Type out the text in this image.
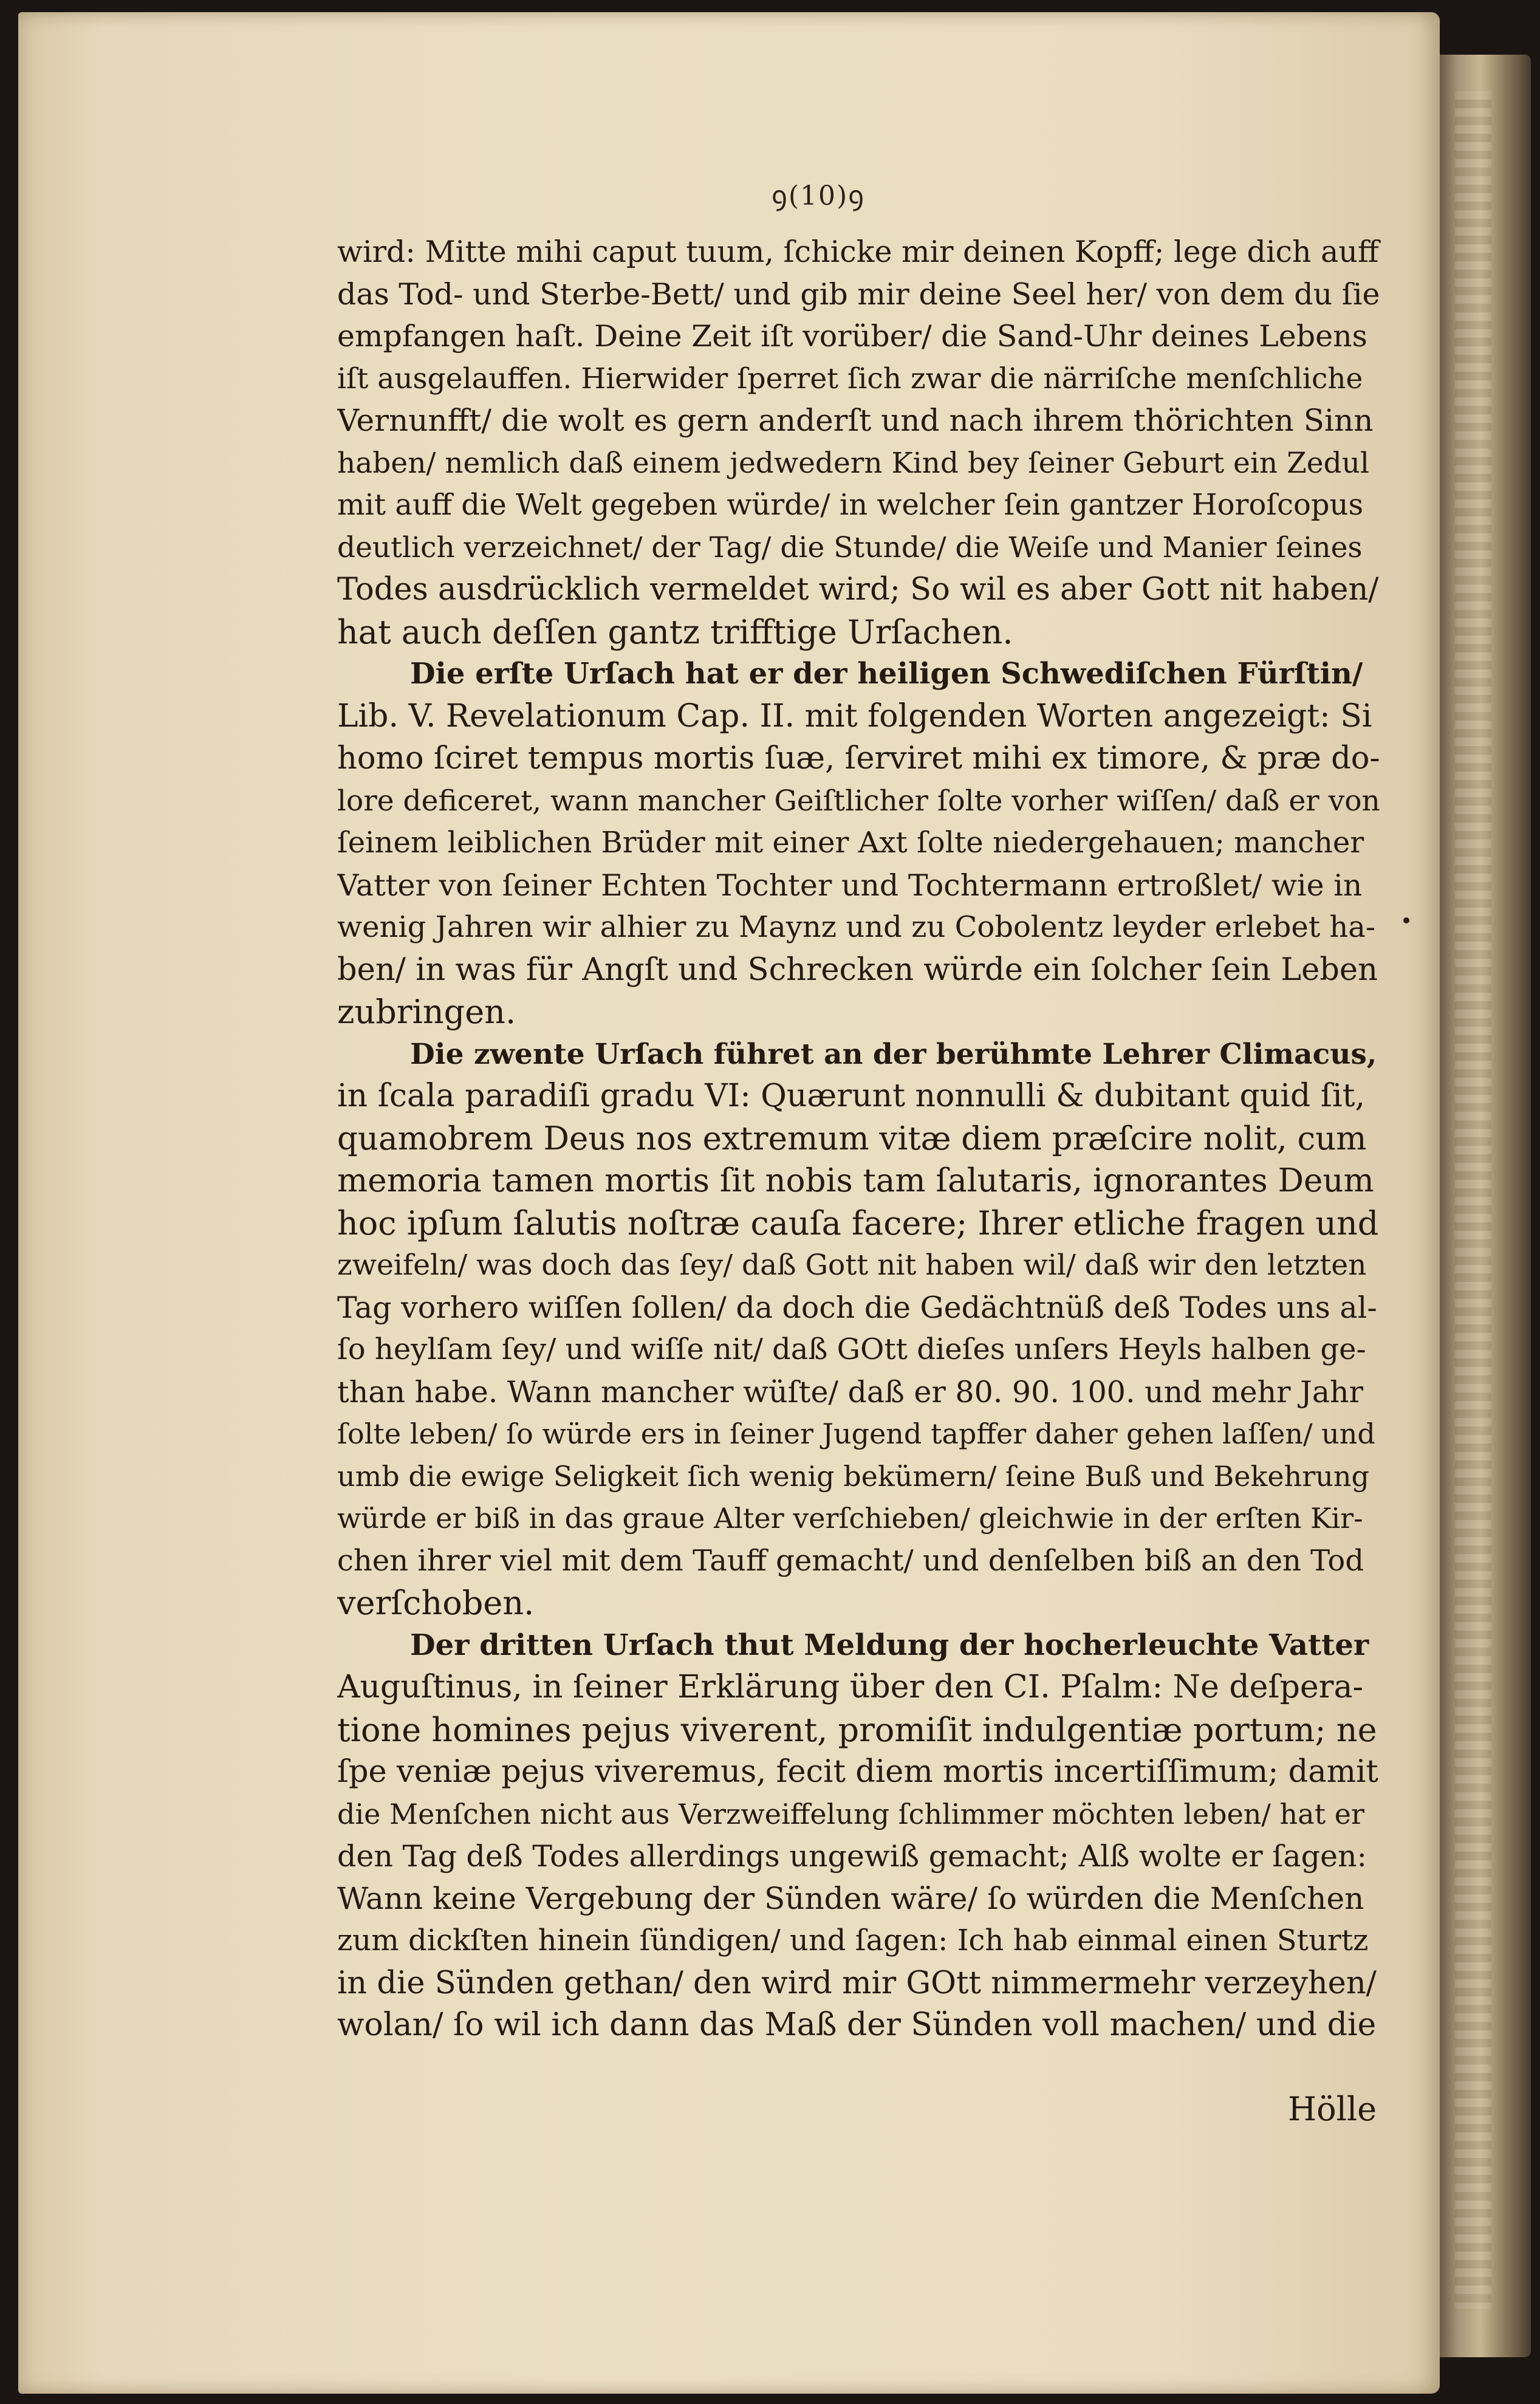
ꝯ(10)ꝯ
wird: Mitte mihi caput tuum, ſchicke mir deinen Kopff; lege dich auff
das Tod- und Sterbe-Bett/ und gib mir deine Seel her/ von dem du ſie
empfangen haſt. Deine Zeit iſt vorüber/ die Sand-Uhr deines Lebens
iſt ausgelauffen. Hierwider ſperret ſich zwar die närriſche menſchliche
Vernunfft/ die wolt es gern anderſt und nach ihrem thörichten Sinn
haben/ nemlich daß einem jedwedern Kind bey ſeiner Geburt ein Zedul
mit auff die Welt gegeben würde/ in welcher ſein gantzer Horoſcopus
deutlich verzeichnet/ der Tag/ die Stunde/ die Weiſe und Manier ſeines
Todes ausdrücklich vermeldet wird; So wil es aber Gott nit haben/
hat auch deſſen gantz trifftige Urſachen.
Die erſte Urſach hat er der heiligen Schwediſchen Fürſtin/
Lib. V. Revelationum Cap. II. mit folgenden Worten angezeigt: Si
homo ſciret tempus mortis ſuæ, ſerviret mihi ex timore, & præ do-
lore deficeret, wann mancher Geiſtlicher ſolte vorher wiſſen/ daß er von
ſeinem leiblichen Brüder mit einer Axt ſolte niedergehauen; mancher
Vatter von ſeiner Echten Tochter und Tochtermann ertroßlet/ wie in
wenig Jahren wir alhier zu Maynz und zu Cobolentz leyder erlebet ha-
ben/ in was für Angſt und Schrecken würde ein ſolcher ſein Leben
zubringen.
Die zwente Urſach führet an der berühmte Lehrer Climacus,
in ſcala paradiſi gradu VI: Quærunt nonnulli & dubitant quid ſit,
quamobrem Deus nos extremum vitæ diem præſcire nolit, cum
memoria tamen mortis ſit nobis tam ſalutaris, ignorantes Deum
hoc ipſum ſalutis noſtræ cauſa facere; Ihrer etliche fragen und
zweifeln/ was doch das ſey/ daß Gott nit haben wil/ daß wir den letzten
Tag vorhero wiſſen ſollen/ da doch die Gedächtnüß deß Todes uns al-
ſo heylſam ſey/ und wiſſe nit/ daß GOtt dieſes unſers Heyls halben ge-
than habe. Wann mancher wüſte/ daß er 80. 90. 100. und mehr Jahr
ſolte leben/ ſo würde ers in ſeiner Jugend tapffer daher gehen laſſen/ und
umb die ewige Seligkeit ſich wenig bekümern/ ſeine Buß und Bekehrung
würde er biß in das graue Alter verſchieben/ gleichwie in der erſten Kir-
chen ihrer viel mit dem Tauff gemacht/ und denſelben biß an den Tod
verſchoben.
Der dritten Urſach thut Meldung der hocherleuchte Vatter
Auguſtinus, in ſeiner Erklärung über den CI. Pſalm: Ne deſpera-
tione homines pejus viverent, promiſit indulgentiæ portum; ne
ſpe veniæ pejus viveremus, fecit diem mortis incertiſſimum; damit
die Menſchen nicht aus Verzweiffelung ſchlimmer möchten leben/ hat er
den Tag deß Todes allerdings ungewiß gemacht; Alß wolte er ſagen:
Wann keine Vergebung der Sünden wäre/ ſo würden die Menſchen
zum dickſten hinein ſündigen/ und ſagen: Ich hab einmal einen Sturtz
in die Sünden gethan/ den wird mir GOtt nimmermehr verzeyhen/
wolan/ ſo wil ich dann das Maß der Sünden voll machen/ und die
Hölle
